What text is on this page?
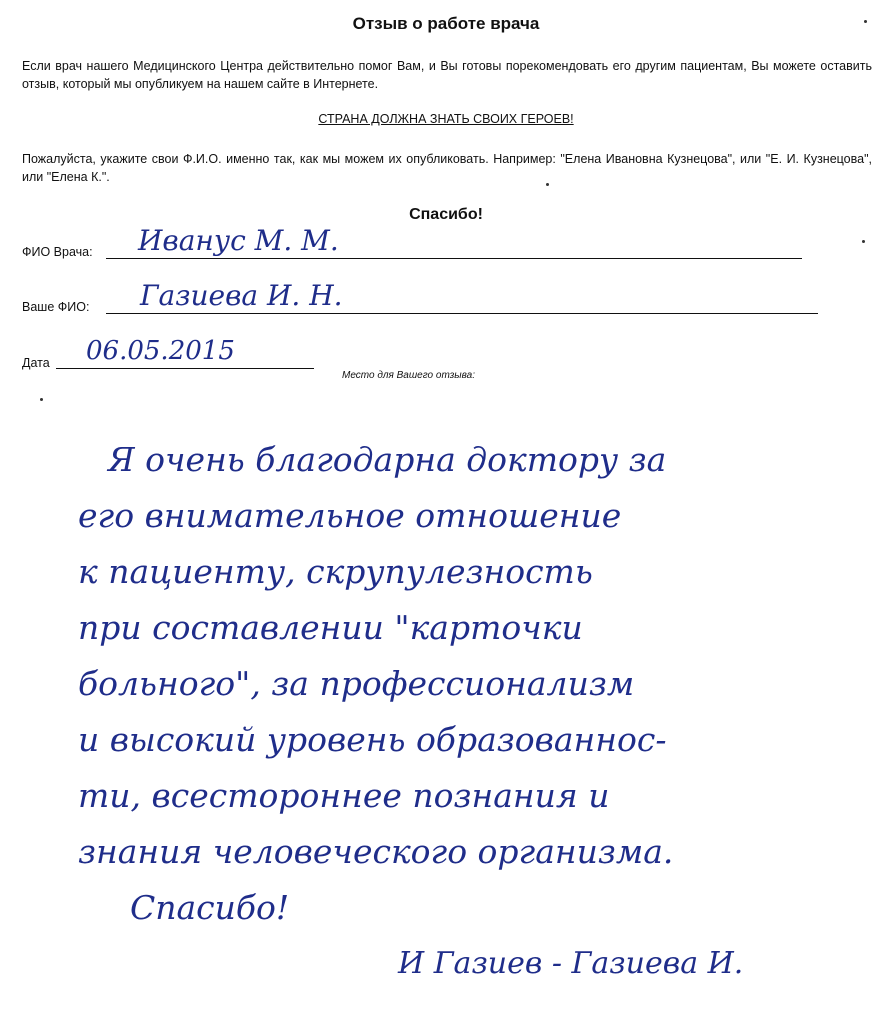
Отзыв о работе врача
Если врач нашего Медицинского Центра действительно помог Вам, и Вы готовы порекомендовать его другим пациентам, Вы можете оставить отзыв, который мы опубликуем на нашем сайте в Интернете.
СТРАНА ДОЛЖНА ЗНАТЬ СВОИХ ГЕРОЕВ!
Пожалуйста, укажите свои Ф.И.О. именно так, как мы можем их опубликовать. Например: "Елена Ивановна Кузнецова", или "Е. И. Кузнецова", или "Елена К.".
Спасибо!
ФИО Врача: Иванус М. М.
Ваше ФИО: Газиева И. Н.
Дата 06.05.2015
Место для Вашего отзыва:
Я очень благодарна доктору за
его внимательное отношение
к пациенту, скрупулезность
при составлении "карточки
больного", за профессионализм
и высокий уровень образованнос-
ти, всестороннее познания и
знания человеческого организма.
Спасибо!
И Газиев - Газиева И.
